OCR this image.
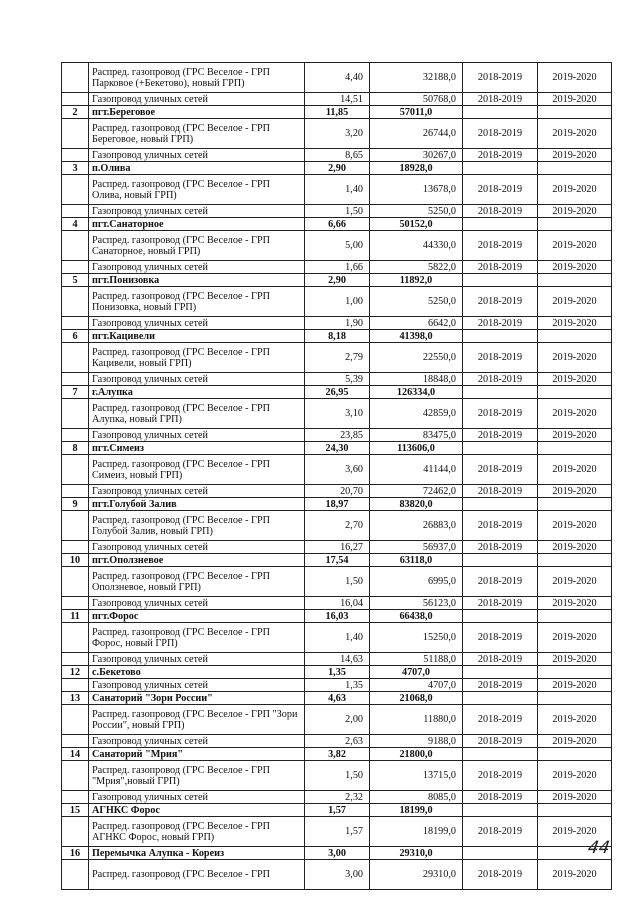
	Распред. газопровод (ГРС Веселое - ГРП Парковое (+Бекетово), новый ГРП)	4,40	32188,0	2018-2019	2019-2020
	Газопровод уличных сетей	14,51	50768,0	2018-2019	2019-2020
2	пгт.Береговое	11,85	57011,0		
	Распред. газопровод (ГРС Веселое - ГРП Береговое, новый ГРП)	3,20	26744,0	2018-2019	2019-2020
	Газопровод уличных сетей	8,65	30267,0	2018-2019	2019-2020
3	п.Олива	2,90	18928,0		
	Распред. газопровод (ГРС Веселое - ГРП Олива, новый ГРП)	1,40	13678,0	2018-2019	2019-2020
	Газопровод уличных сетей	1,50	5250,0	2018-2019	2019-2020
4	пгт.Санаторное	6,66	50152,0		
	Распред. газопровод (ГРС Веселое - ГРП Санаторное, новый ГРП)	5,00	44330,0	2018-2019	2019-2020
	Газопровод уличных сетей	1,66	5822,0	2018-2019	2019-2020
5	пгт.Понизовка	2,90	11892,0		
	Распред. газопровод (ГРС Веселое - ГРП Понизовка, новый ГРП)	1,00	5250,0	2018-2019	2019-2020
	Газопровод уличных сетей	1,90	6642,0	2018-2019	2019-2020
6	пгт.Кацивели	8,18	41398,0		
	Распред. газопровод (ГРС Веселое - ГРП Кацивели, новый ГРП)	2,79	22550,0	2018-2019	2019-2020
	Газопровод уличных сетей	5,39	18848,0	2018-2019	2019-2020
7	г.Алупка	26,95	126334,0		
	Распред. газопровод (ГРС Веселое - ГРП Алупка, новый ГРП)	3,10	42859,0	2018-2019	2019-2020
	Газопровод уличных сетей	23,85	83475,0	2018-2019	2019-2020
8	пгт.Симеиз	24,30	113606,0		
	Распред. газопровод (ГРС Веселое - ГРП Симеиз, новый ГРП)	3,60	41144,0	2018-2019	2019-2020
	Газопровод уличных сетей	20,70	72462,0	2018-2019	2019-2020
9	пгт.Голубой Залив	18,97	83820,0		
	Распред. газопровод (ГРС Веселое - ГРП Голубой Залив, новый ГРП)	2,70	26883,0	2018-2019	2019-2020
	Газопровод уличных сетей	16,27	56937,0	2018-2019	2019-2020
10	пгт.Оползневое	17,54	63118,0		
	Распред. газопровод (ГРС Веселое - ГРП Оползневое, новый ГРП)	1,50	6995,0	2018-2019	2019-2020
	Газопровод уличных сетей	16,04	56123,0	2018-2019	2019-2020
11	пгт.Форос	16,03	66438,0		
	Распред. газопровод (ГРС Веселое - ГРП Форос, новый ГРП)	1,40	15250,0	2018-2019	2019-2020
	Газопровод уличных сетей	14,63	51188,0	2018-2019	2019-2020
12	с.Бекетово	1,35	4707,0		
	Газопровод уличных сетей	1,35	4707,0	2018-2019	2019-2020
13	Санаторий "Зори России"	4,63	21068,0		
	Распред. газопровод (ГРС Веселое - ГРП "Зори России", новый ГРП)	2,00	11880,0	2018-2019	2019-2020
	Газопровод уличных сетей	2,63	9188,0	2018-2019	2019-2020
14	Санаторий "Мрия"	3,82	21800,0		
	Распред. газопровод (ГРС Веселое - ГРП "Мрия",новый ГРП)	1,50	13715,0	2018-2019	2019-2020
	Газопровод уличных сетей	2,32	8085,0	2018-2019	2019-2020
15	АГНКС Форос	1,57	18199,0		
	Распред. газопровод (ГРС Веселое - ГРП АГНКС Форос, новый ГРП)	1,57	18199,0	2018-2019	2019-2020
16	Перемычка Алупка - Кореиз	3,00	29310,0		
	Распред. газопровод (ГРС Веселое - ГРП	3,00	29310,0	2018-2019	2019-2020
44
